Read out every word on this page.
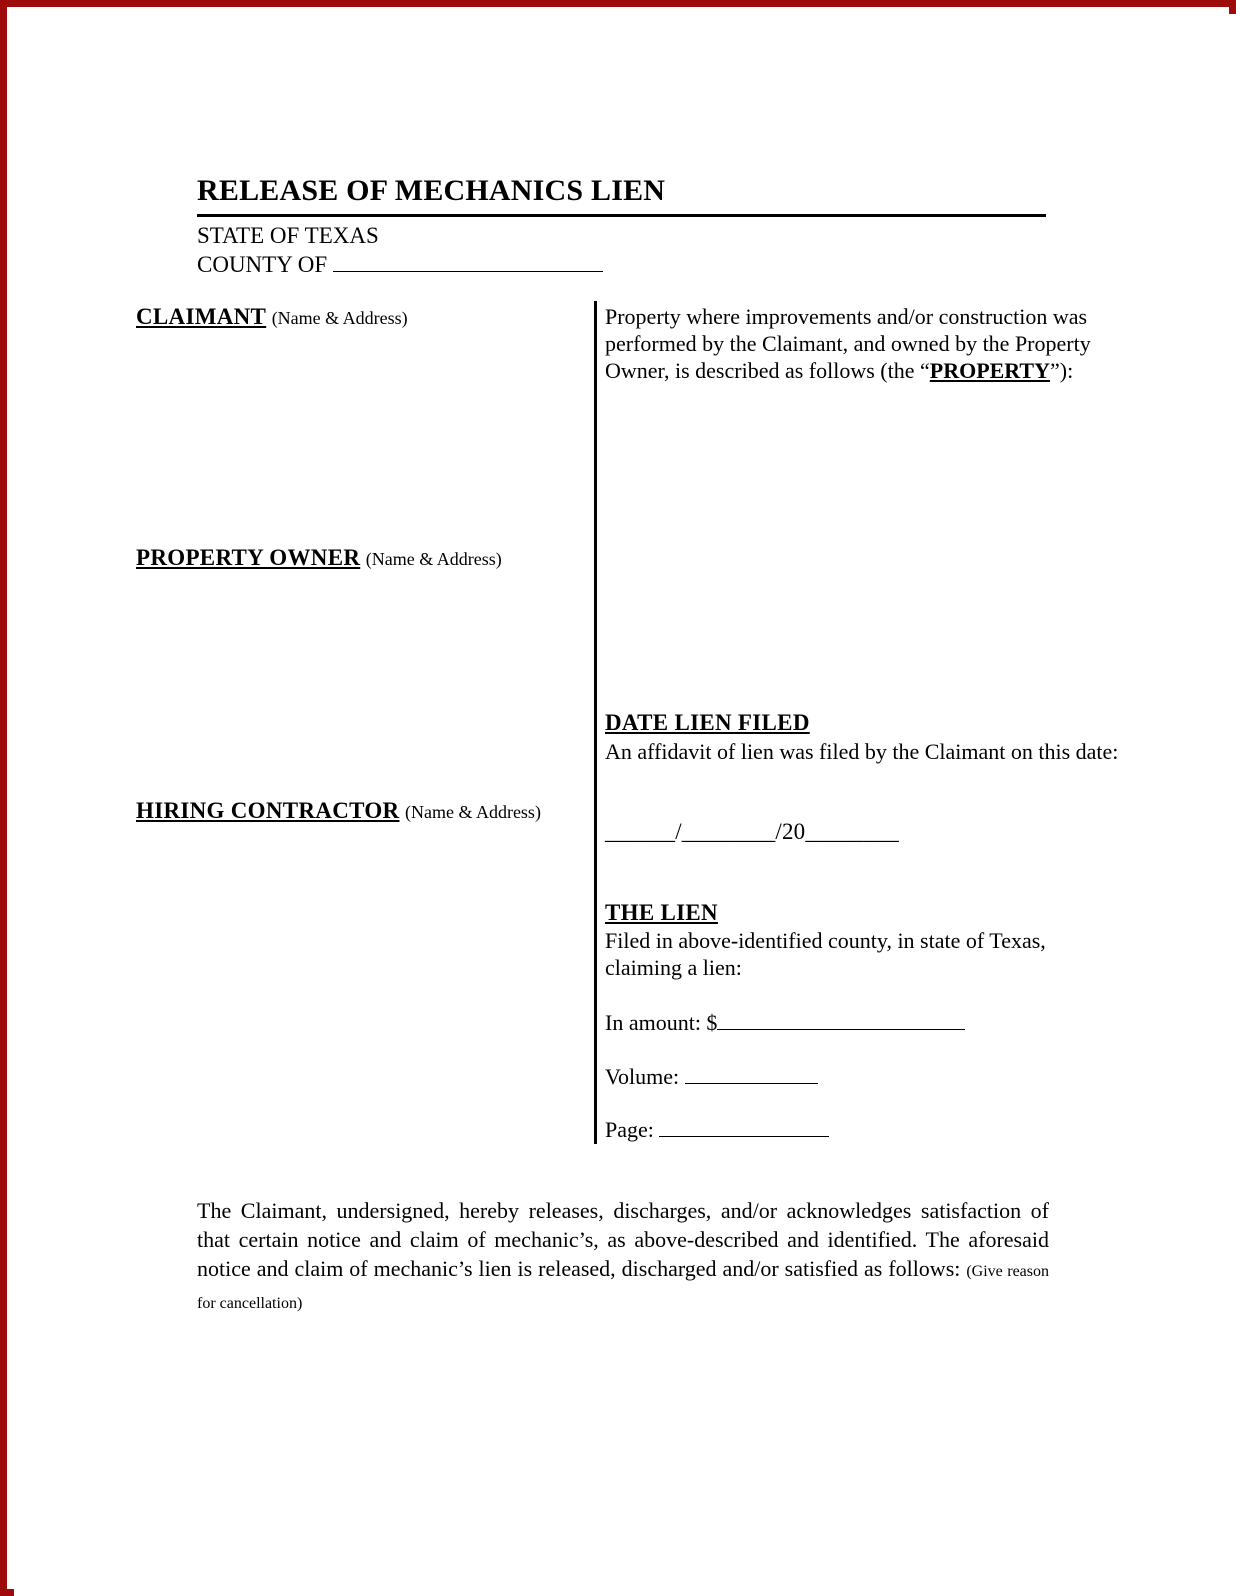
RELEASE OF MECHANICS LIEN
STATE OF TEXAS
COUNTY OF
CLAIMANT (Name & Address)
PROPERTY OWNER (Name & Address)
HIRING CONTRACTOR (Name & Address)
Property where improvements and/or construction was performed by the Claimant, and owned by the Property Owner, is described as follows (the “PROPERTY”):
DATE LIEN FILED
An affidavit of lien was filed by the Claimant on this date:
______/________/20________
THE LIEN
Filed in above-identified county, in state of Texas, claiming a lien:
In amount: $
Volume:
Page:
The Claimant, undersigned, hereby releases, discharges, and/or acknowledges satisfaction of that certain notice and claim of mechanic’s, as above-described and identified. The aforesaid notice and claim of mechanic’s lien is released, discharged and/or satisfied as follows: (Give reason for cancellation)
